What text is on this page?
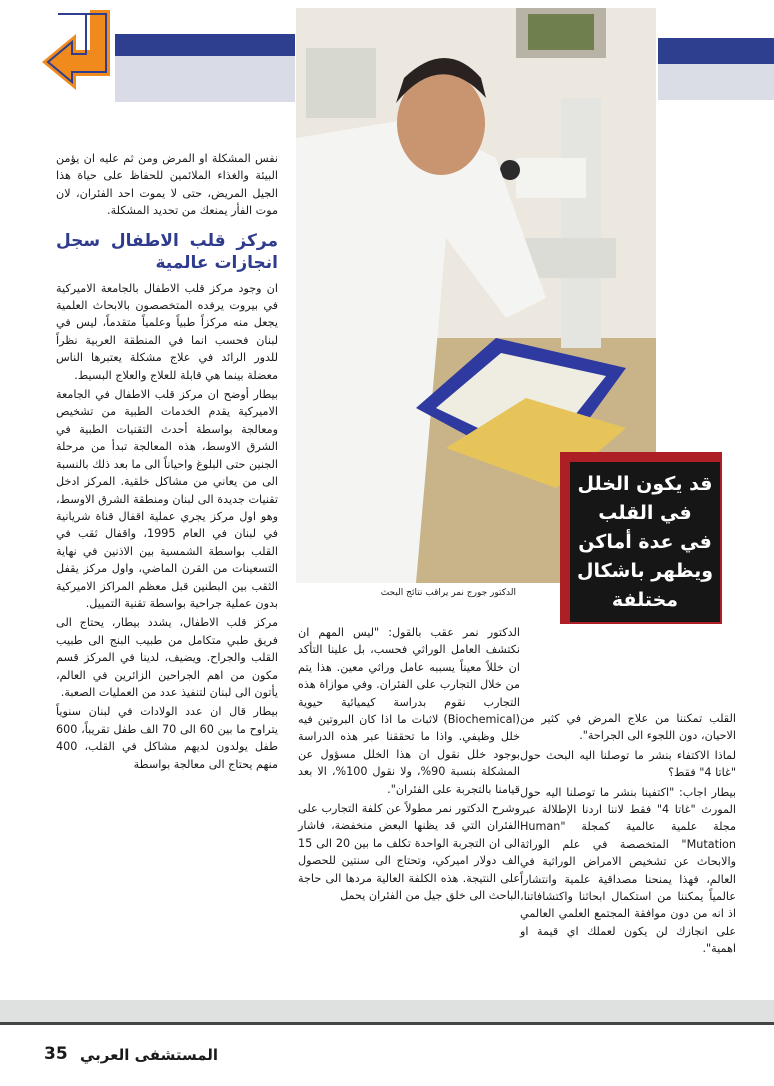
الدكتور جورج نمر يراقب نتائج البحث
قد يكون الخلل
في القلب
في عدة أماكن
ويظهر باشكال
مختلفة

نفس المشكلة او المرض ومن ثم عليه ان يؤمن البيئة والغذاء الملائمين للحفاظ على حياة هذا الجيل المريض، حتى لا يموت احد الفئران، لان موت الفأر يمنعك من تحديد المشكلة.

مركز قلب الاطفال سجل انجازات عالمية

ان وجود مركز قلب الاطفال بالجامعة الاميركية في بيروت يرفده المتخصصون بالابحاث العلمية يجعل منه مركزاً طبياً وعلمياً متقدماً، ليس في لبنان فحسب انما في المنطقة العربية نظراً للدور الرائد في علاج مشكلة يعتبرها الناس معضلة بينما هي قابلة للعلاج والعلاج البسيط.

بيطار أوضح ان مركز قلب الاطفال في الجامعة الاميركية يقدم الخدمات الطبية من تشخيص ومعالجة بواسطة أحدث التقنيات الطبية في الشرق الاوسط، هذه المعالجة تبدأ من مرحلة الجنين حتى البلوغ واحياناً الى ما بعد ذلك بالنسبة الى من يعاني من مشاكل خلقية. المركز ادخل تقنيات جديدة الى لبنان ومنطقة الشرق الاوسط، وهو اول مركز يجري عملية اقفال قناة شريانية في لبنان في العام 1995، واقفال ثقب في القلب بواسطة الشمسية بين الاذنين في نهاية التسعينات من القرن الماضي، واول مركز يقفل الثقب بين البطنين قبل معظم المراكز الاميركية بدون عملية جراحية بواسطة تقنية التمييل.

مركز قلب الاطفال، يشدد بيطار، يحتاج الى فريق طبي متكامل من طبيب البنج الى طبيب القلب والجراح. ويضيف، لدينا في المركز قسم مكون من اهم الجراحين الزائرين في العالم، يأتون الى لبنان لتنفيذ عدد من العمليات الصعبة.

بيطار قال ان عدد الولادات في لبنان سنوياً يتراوح ما بين 60 الى 70 الف طفل تقريباً، 600 طفل يولدون لديهم مشاكل في القلب، 400 منهم يحتاج الى معالجة بواسطة

الدكتور نمر عقب بالقول: "ليس المهم ان نكتشف العامل الوراثي فحسب، بل علينا التأكد ان خللاً معيناً يسببه عامل وراثي معين. هذا يتم من خلال التجارب على الفئران. وفي موازاة هذه التجارب نقوم بدراسة كيميائية حيوية (Biochemical) لاثبات ما اذا كان البروتين فيه خلل وظيفي. واذا ما تحققنا عبر هذه الدراسة بوجود خلل نقول ان هذا الخلل مسؤول عن المشكلة بنسبة 90%، ولا نقول 100%، الا بعد قيامنا بالتجربة على الفئران".

وشرح الدكتور نمر مطولاً عن كلفة التجارب على الفئران التي قد يظنها البعض منخفضة، فاشار الى ان التجربة الواحدة تكلف ما بين 20 الى 15 الف دولار اميركي، وتحتاج الى سنتين للحصول على النتيجة. هذه الكلفة العالية مردها الى حاجة الباحث الى خلق جيل من الفئران يحمل

القلب تمكننا من علاج المرض في كثير من الاحيان، دون اللجوء الى الجراحة".

لماذا الاكتفاء بنشر ما توصلنا اليه البحث حول "غاتا 4" فقط؟

بيطار اجاب: "اكتفينا بنشر ما توصلنا اليه حول المورث "غاتا 4" فقط لاننا اردنا الإطلالة عبر مجلة علمية عالمية كمجلة "Human Mutation" المتخصصة في علم الوراثة والابحاث عن تشخيص الامراض الوراثية في العالم، فهذا يمنحنا مصداقية علمية وانتشاراً عالمياً يمكننا من استكمال ابحاثنا واكتشافاتنا، اذ انه من دون موافقة المجتمع العلمي العالمي على انجازك لن يكون لعملك اي قيمة او اهمية".

35 المستشفى العربي
